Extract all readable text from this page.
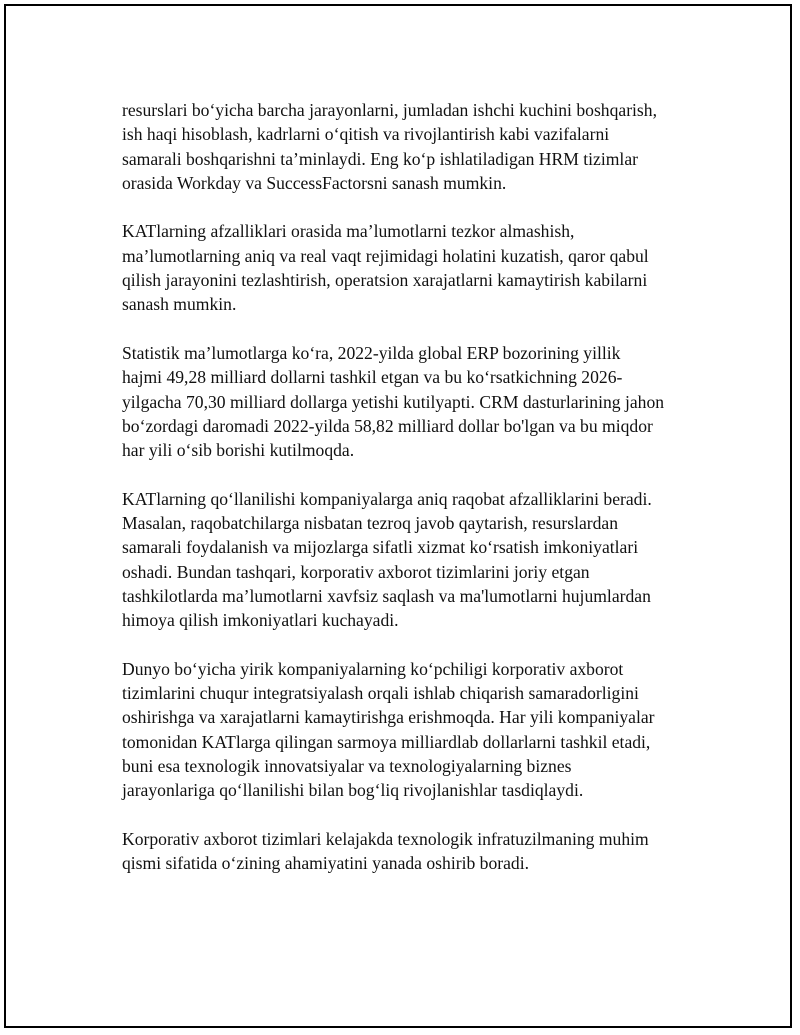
resurslari boʻyicha barcha jarayonlarni, jumladan ishchi kuchini boshqarish,
ish haqi hisoblash, kadrlarni oʻqitish va rivojlantirish kabi vazifalarni
samarali boshqarishni taʼminlaydi. Eng koʻp ishlatiladigan HRM tizimlar
orasida Workday va SuccessFactorsni sanash mumkin.

KATlarning afzalliklari orasida maʼlumotlarni tezkor almashish,
maʼlumotlarning aniq va real vaqt rejimidagi holatini kuzatish, qaror qabul
qilish jarayonini tezlashtirish, operatsion xarajatlarni kamaytirish kabilarni
sanash mumkin.

Statistik maʼlumotlarga koʻra, 2022-yilda global ERP bozorining yillik
hajmi 49,28 milliard dollarni tashkil etgan va bu koʻrsatkichning 2026-
yilgacha 70,30 milliard dollarga yetishi kutilyapti. CRM dasturlarining jahon
boʻzordagi daromadi 2022-yilda 58,82 milliard dollar bo'lgan va bu miqdor
har yili oʻsib borishi kutilmoqda.

KATlarning qoʻllanilishi kompaniyalarga aniq raqobat afzalliklarini beradi.
Masalan, raqobatchilarga nisbatan tezroq javob qaytarish, resurslardan
samarali foydalanish va mijozlarga sifatli xizmat koʻrsatish imkoniyatlari
oshadi. Bundan tashqari, korporativ axborot tizimlarini joriy etgan
tashkilotlarda maʼlumotlarni xavfsiz saqlash va ma'lumotlarni hujumlardan
himoya qilish imkoniyatlari kuchayadi.

Dunyo boʻyicha yirik kompaniyalarning koʻpchiligi korporativ axborot
tizimlarini chuqur integratsiyalash orqali ishlab chiqarish samaradorligini
oshirishga va xarajatlarni kamaytirishga erishmoqda. Har yili kompaniyalar
tomonidan KATlarga qilingan sarmoya milliardlab dollarlarni tashkil etadi,
buni esa texnologik innovatsiyalar va texnologiyalarning biznes
jarayonlariga qoʻllanilishi bilan bogʻliq rivojlanishlar tasdiqlaydi.

Korporativ axborot tizimlari kelajakda texnologik infratuzilmaning muhim
qismi sifatida oʻzining ahamiyatini yanada oshirib boradi.
